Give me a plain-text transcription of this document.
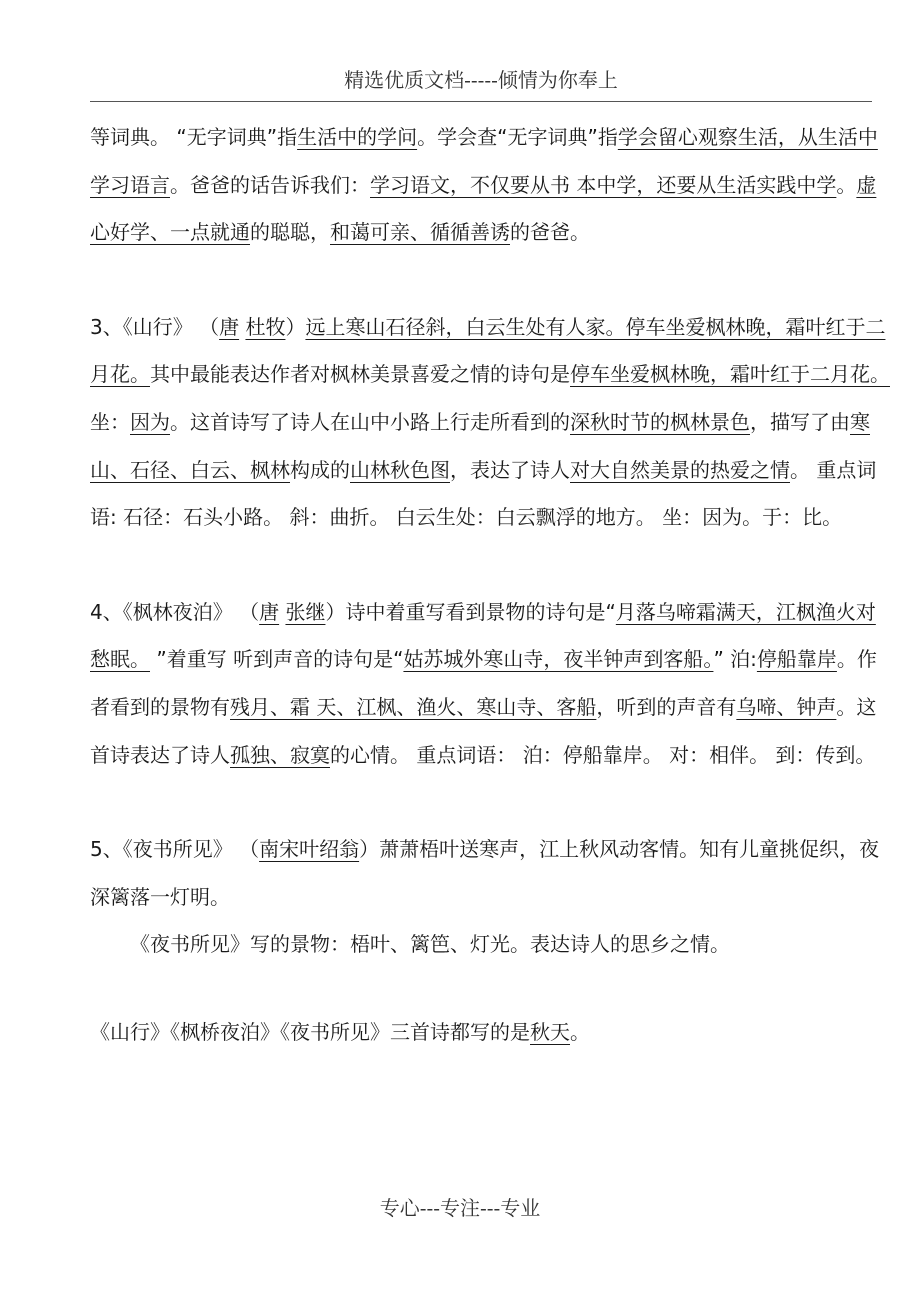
精选优质文档-----倾情为你奉上

等词典。 “无字词典”指生活中的学问。学会查“无字词典”指学会留心观察生活，从生活中学习语言。爸爸的话告诉我们：学习语文，不仅要从书 本中学，还要从生活实践中学。虚心好学、一点就通的聪聪，和蔼可亲、循循善诱的爸爸。

3、《山行》 （唐 杜牧）远上寒山石径斜，白云生处有人家。停车坐爱枫林晚，霜叶红于二月花。其中最能表达作者对枫林美景喜爱之情的诗句是停车坐爱枫林晚，霜叶红于二月花。坐：因为。这首诗写了诗人在山中小路上行走所看到的深秋时节的枫林景色，描写了由寒山、石径、白云、枫林构成的山林秋色图，表达了诗人对大自然美景的热爱之情。 重点词语: 石径：石头小路。 斜：曲折。 白云生处：白云飘浮的地方。 坐：因为。于：比。

4、《枫林夜泊》 （唐 张继）诗中着重写看到景物的诗句是“月落乌啼霜满天，江枫渔火对愁眠。 ”着重写 听到声音的诗句是“姑苏城外寒山寺，夜半钟声到客船。” 泊:停船靠岸。作者看到的景物有残月、霜 天、江枫、渔火、寒山寺、客船，听到的声音有乌啼、钟声。这首诗表达了诗人孤独、寂寞的心情。 重点词语： 泊：停船靠岸。 对：相伴。 到：传到。

5、《夜书所见》 （南宋叶绍翁）萧萧梧叶送寒声，江上秋风动客情。知有儿童挑促织，夜深篱落一灯明。

《夜书所见》写的景物：梧叶、篱笆、灯光。表达诗人的思乡之情。

《山行》《枫桥夜泊》《夜书所见》三首诗都写的是秋天。

专心---专注---专业
